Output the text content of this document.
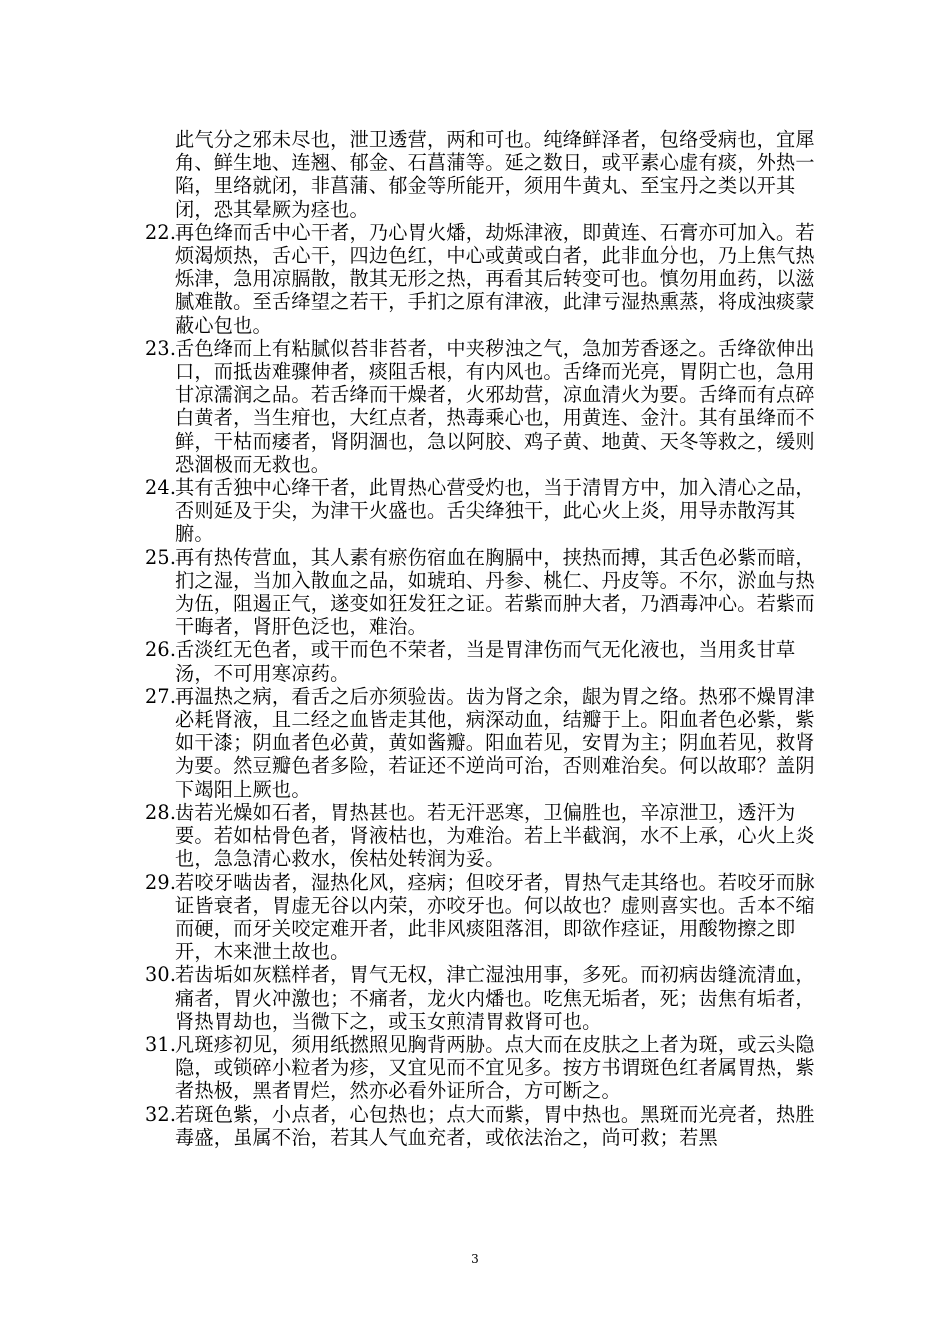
此气分之邪未尽也，泄卫透营，两和可也。纯绛鲜泽者，包络受病也，宜犀角、鲜生地、连翘、郁金、石菖蒲等。延之数日，或平素心虚有痰，外热一陷，里络就闭，非菖蒲、郁金等所能开，须用牛黄丸、至宝丹之类以开其闭，恐其晕厥为痉也。
22.
再色绛而舌中心干者，乃心胃火燔，劫烁津液，即黄连、石膏亦可加入。若烦渴烦热，舌心干，四边色红，中心或黄或白者，此非血分也，乃上焦气热烁津，急用凉膈散，散其无形之热，再看其后转变可也。慎勿用血药，以滋腻难散。至舌绛望之若干，手扪之原有津液，此津亏湿热熏蒸，将成浊痰蒙蔽心包也。
23.
舌色绛而上有粘腻似苔非苔者，中夹秽浊之气，急加芳香逐之。舌绛欲伸出口，而抵齿难骤伸者，痰阻舌根，有内风也。舌绛而光亮，胃阴亡也，急用甘凉濡润之品。若舌绛而干燥者，火邪劫营，凉血清火为要。舌绛而有点碎白黄者，当生疳也，大红点者，热毒乘心也，用黄连、金汁。其有虽绛而不鲜，干枯而痿者，肾阴涸也，急以阿胶、鸡子黄、地黄、天冬等救之，缓则恐涸极而无救也。
24.
其有舌独中心绛干者，此胃热心营受灼也，当于清胃方中，加入清心之品，否则延及于尖，为津干火盛也。舌尖绛独干，此心火上炎，用导赤散泻其腑。
25.
再有热传营血，其人素有瘀伤宿血在胸膈中，挟热而搏，其舌色必紫而暗，扪之湿，当加入散血之品，如琥珀、丹参、桃仁、丹皮等。不尔，淤血与热为伍，阻遏正气，遂变如狂发狂之证。若紫而肿大者，乃酒毒冲心。若紫而干晦者，肾肝色泛也，难治。
26.
舌淡红无色者，或干而色不荣者，当是胃津伤而气无化液也，当用炙甘草汤，不可用寒凉药。
27.
再温热之病，看舌之后亦须验齿。齿为肾之余，龈为胃之络。热邪不燥胃津必耗肾液，且二经之血皆走其他，病深动血，结瓣于上。阳血者色必紫，紫如干漆；阴血者色必黄，黄如酱瓣。阳血若见，安胃为主；阴血若见，救肾为要。然豆瓣色者多险，若证还不逆尚可治，否则难治矣。何以故耶？盖阴下竭阳上厥也。
28.
齿若光燥如石者，胃热甚也。若无汗恶寒，卫偏胜也，辛凉泄卫，透汗为要。若如枯骨色者，肾液枯也，为难治。若上半截润，水不上承，心火上炎也，急急清心救水，俟枯处转润为妥。
29.
若咬牙啮齿者，湿热化风，痉病；但咬牙者，胃热气走其络也。若咬牙而脉证皆衰者，胃虚无谷以内荣，亦咬牙也。何以故也？虚则喜实也。舌本不缩而硬，而牙关咬定难开者，此非风痰阻落泪，即欲作痉证，用酸物擦之即开，木来泄土故也。
30.
若齿垢如灰糕样者，胃气无权，津亡湿浊用事，多死。而初病齿缝流清血，痛者，胃火冲激也；不痛者，龙火内燔也。吃焦无垢者，死；齿焦有垢者，肾热胃劫也，当微下之，或玉女煎清胃救肾可也。
31.
凡斑疹初见，须用纸撚照见胸背两胁。点大而在皮肤之上者为斑，或云头隐隐，或锁碎小粒者为疹，又宜见而不宜见多。按方书谓斑色红者属胃热，紫者热极，黑者胃烂，然亦必看外证所合，方可断之。
32.
若斑色紫，小点者，心包热也；点大而紫，胃中热也。黑斑而光亮者，热胜毒盛，虽属不治，若其人气血充者，或依法治之，尚可救；若黑
3
